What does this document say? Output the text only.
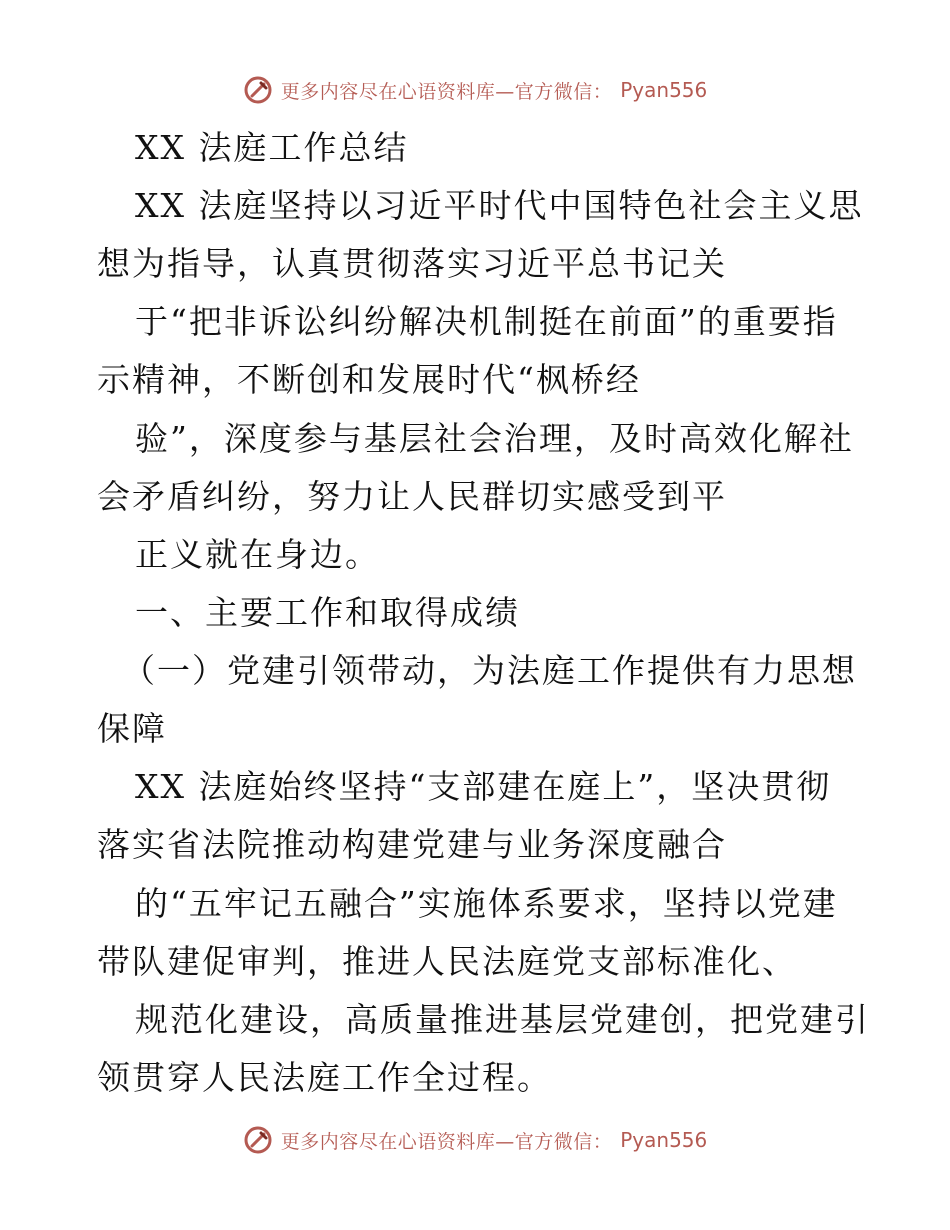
更多内容尽在心语资料库—官方微信： Pyan556
XX 法庭工作总结
XX 法庭坚持以习近平时代中国特色社会主义思
想为指导，认真贯彻落实习近平总书记关
于“把非诉讼纠纷解决机制挺在前面”的重要指
示精神，不断创和发展时代“枫桥经
验”，深度参与基层社会治理，及时高效化解社
会矛盾纠纷，努力让人民群切实感受到平
正义就在身边。
一、主要工作和取得成绩
（一）党建引领带动，为法庭工作提供有力思想
保障
XX 法庭始终坚持“支部建在庭上”，坚决贯彻
落实省法院推动构建党建与业务深度融合
的“五牢记五融合”实施体系要求，坚持以党建
带队建促审判，推进人民法庭党支部标准化、
规范化建设，高质量推进基层党建创，把党建引
领贯穿人民法庭工作全过程。
更多内容尽在心语资料库—官方微信： Pyan556
